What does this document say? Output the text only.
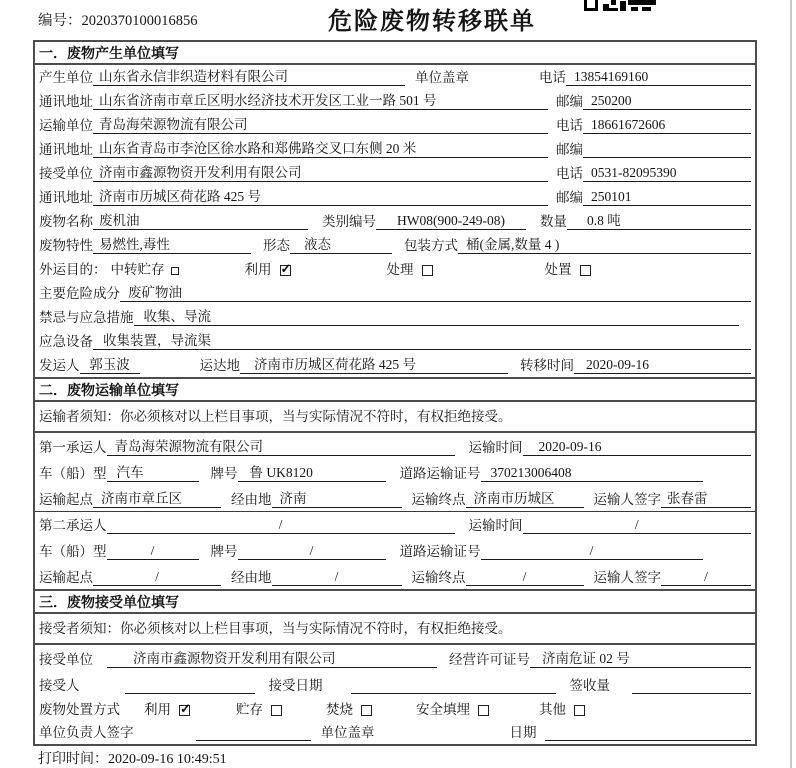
编号：2020370100016856	危险废物转移联单
一．废物产生单位填写
产生单位 山东省永信非织造材料有限公司	单位盖章	电话 13854169160
通讯地址 山东省济南市章丘区明水经济技术开发区工业一路 501 号	邮编 250200
运输单位 青岛海荣源物流有限公司	电话 18661672606
通讯地址 山东省青岛市李沧区徐水路和郑佛路交叉口东侧 20 米	邮编
接受单位 济南市鑫源物资开发利用有限公司	电话 0531-82095390
通讯地址 济南市历城区荷花路 425 号	邮编 250101
废物名称 废机油	类别编号	HW08(900-249-08)	数量	0.8 吨
废物特性 易燃性,毒性	形态	液态	包装方式 桶(金属,数量 4 )
外运目的： 中转贮存	利用 ✓	处理	处置
主要危险成分 废矿物油
禁忌与应急措施 收集、导流
应急设备 收集装置，导流渠
发运人 郭玉波	运达地	济南市历城区荷花路 425 号	转移时间 2020-09-16
二．废物运输单位填写
运输者须知：你必须核对以上栏目事项，当与实际情况不符时，有权拒绝接受。
第一承运人 青岛海荣源物流有限公司	运输时间	2020-09-16
车（船）型 汽车	牌号 鲁 UK8120	道路运输证号 370213006408
运输起点 济南市章丘区	经由地 济南	运输终点 济南市历城区	运输人签字 张春雷
第二承运人	/	运输时间	/
车（船）型	/	牌号	/	道路运输证号	/
运输起点	/	经由地	/	运输终点	/	运输人签字	/
三．废物接受单位填写
接受者须知：你必须核对以上栏目事项，当与实际情况不符时，有权拒绝接受。
接受单位	济南市鑫源物资开发利用有限公司	经营许可证号 济南危证 02 号
接受人	接受日期	签收量
废物处置方式 利用 ✓	贮存	焚烧	安全填埋	其他
单位负责人签字	单位盖章	日期
打印时间：2020-09-16 10:49:51
